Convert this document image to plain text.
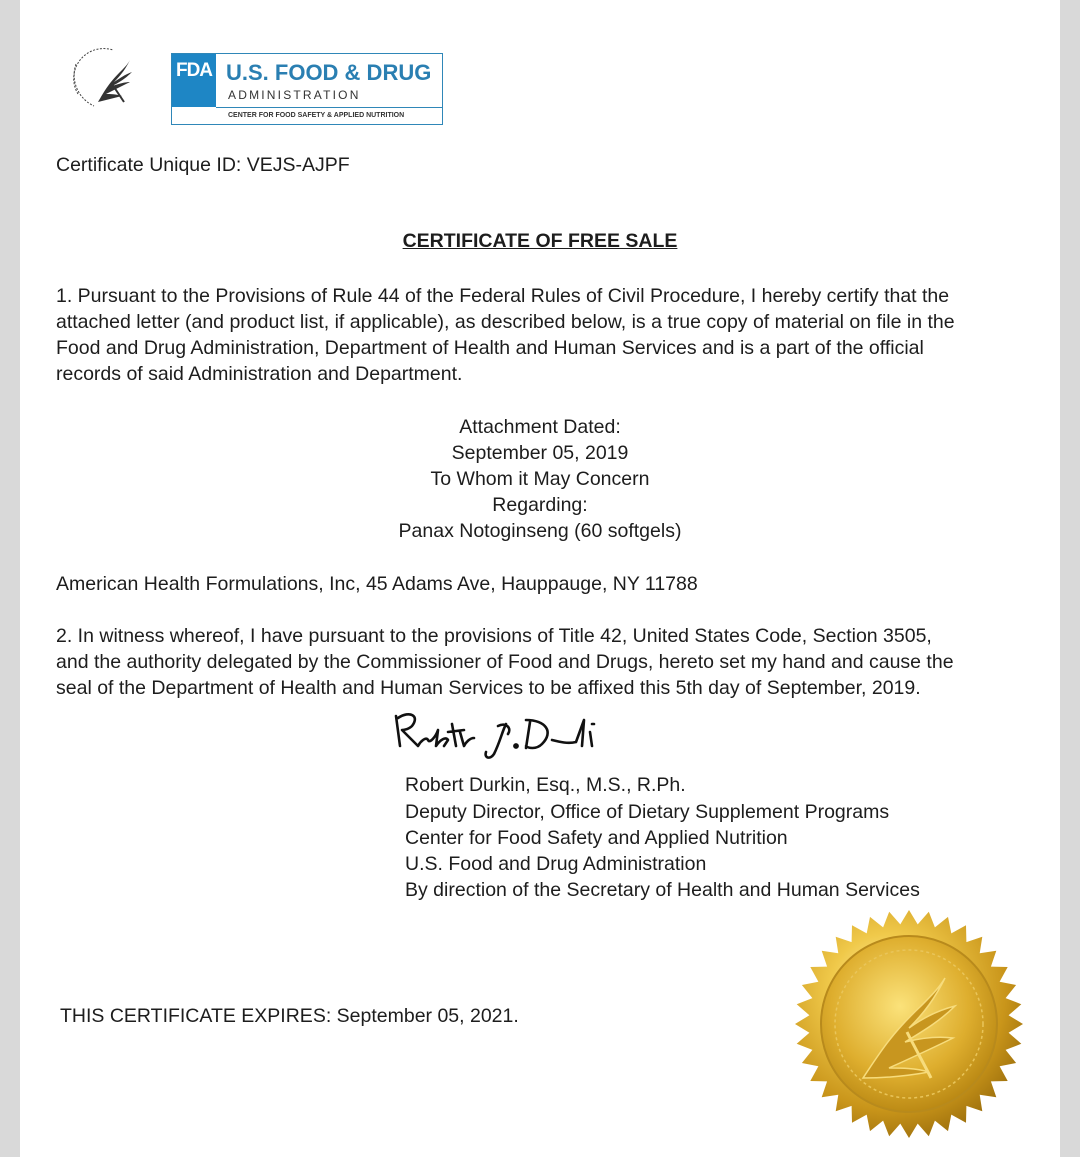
FDA U.S. FOOD & DRUG
ADMINISTRATION
CENTER FOR FOOD SAFETY & APPLIED NUTRITION
Certificate Unique ID: VEJS-AJPF
CERTIFICATE OF FREE SALE
1. Pursuant to the Provisions of Rule 44 of the Federal Rules of Civil Procedure, I hereby certify that the
attached letter (and product list, if applicable), as described below, is a true copy of material on file in the
Food and Drug Administration, Department of Health and Human Services and is a part of the official
records of said Administration and Department.
Attachment Dated:
September 05, 2019
To Whom it May Concern
Regarding:
Panax Notoginseng (60 softgels)
American Health Formulations, Inc, 45 Adams Ave, Hauppauge, NY 11788
2. In witness whereof, I have pursuant to the provisions of Title 42, United States Code, Section 3505,
and the authority delegated by the Commissioner of Food and Drugs, hereto set my hand and cause the
seal of the Department of Health and Human Services to be affixed this 5th day of September, 2019.
Robert Durkin, Esq., M.S., R.Ph.
Deputy Director, Office of Dietary Supplement Programs
Center for Food Safety and Applied Nutrition
U.S. Food and Drug Administration
By direction of the Secretary of Health and Human Services
THIS CERTIFICATE EXPIRES: September 05, 2021.
